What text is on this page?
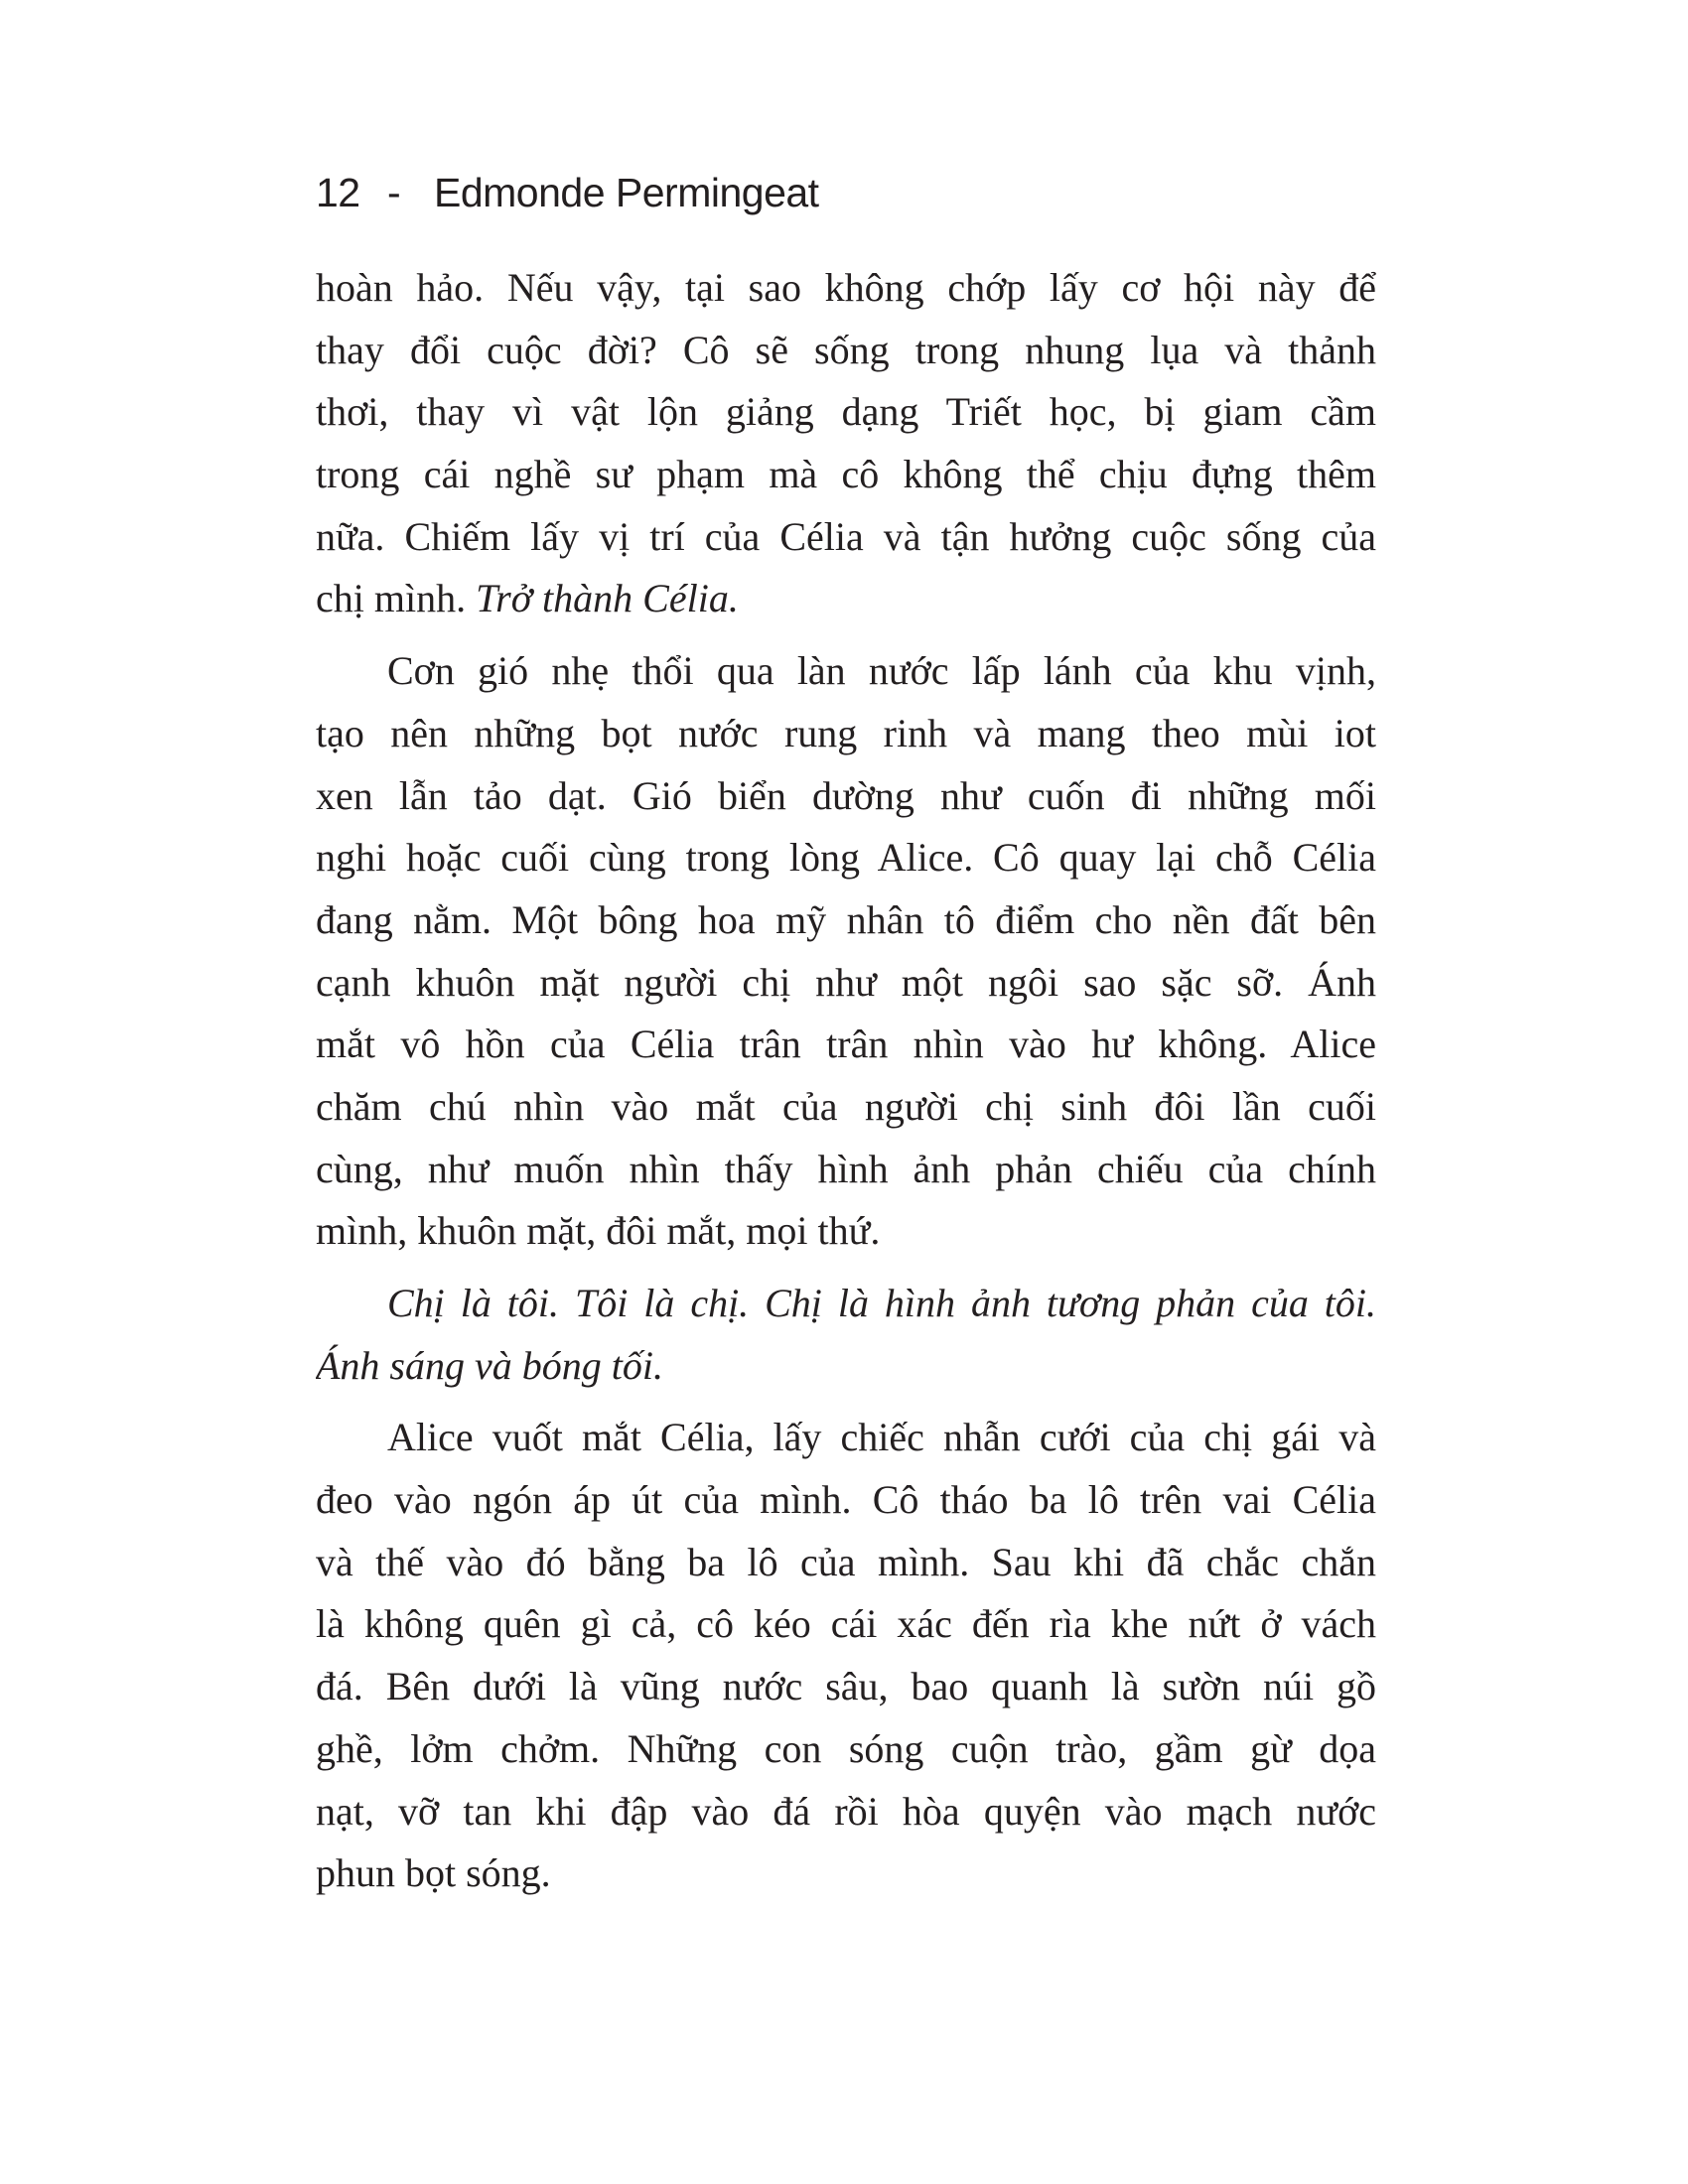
12 - Edmonde Permingeat
hoàn hảo. Nếu vậy, tại sao không chớp lấy cơ hội này để
thay đổi cuộc đời? Cô sẽ sống trong nhung lụa và thảnh
thơi, thay vì vật lộn giảng dạng Triết học, bị giam cầm
trong cái nghề sư phạm mà cô không thể chịu đựng thêm
nữa. Chiếm lấy vị trí của Célia và tận hưởng cuộc sống của
chị mình. Trở thành Célia.
Cơn gió nhẹ thổi qua làn nước lấp lánh của khu vịnh,
tạo nên những bọt nước rung rinh và mang theo mùi iot
xen lẫn tảo dạt. Gió biển dường như cuốn đi những mối
nghi hoặc cuối cùng trong lòng Alice. Cô quay lại chỗ Célia
đang nằm. Một bông hoa mỹ nhân tô điểm cho nền đất bên
cạnh khuôn mặt người chị như một ngôi sao sặc sỡ. Ánh
mắt vô hồn của Célia trân trân nhìn vào hư không. Alice
chăm chú nhìn vào mắt của người chị sinh đôi lần cuối
cùng, như muốn nhìn thấy hình ảnh phản chiếu của chính
mình, khuôn mặt, đôi mắt, mọi thứ.
Chị là tôi. Tôi là chị. Chị là hình ảnh tương phản của tôi.
Ánh sáng và bóng tối.
Alice vuốt mắt Célia, lấy chiếc nhẫn cưới của chị gái và
đeo vào ngón áp út của mình. Cô tháo ba lô trên vai Célia
và thế vào đó bằng ba lô của mình. Sau khi đã chắc chắn
là không quên gì cả, cô kéo cái xác đến rìa khe nứt ở vách
đá. Bên dưới là vũng nước sâu, bao quanh là sườn núi gồ
ghề, lởm chởm. Những con sóng cuộn trào, gầm gừ dọa
nạt, vỡ tan khi đập vào đá rồi hòa quyện vào mạch nước
phun bọt sóng.
